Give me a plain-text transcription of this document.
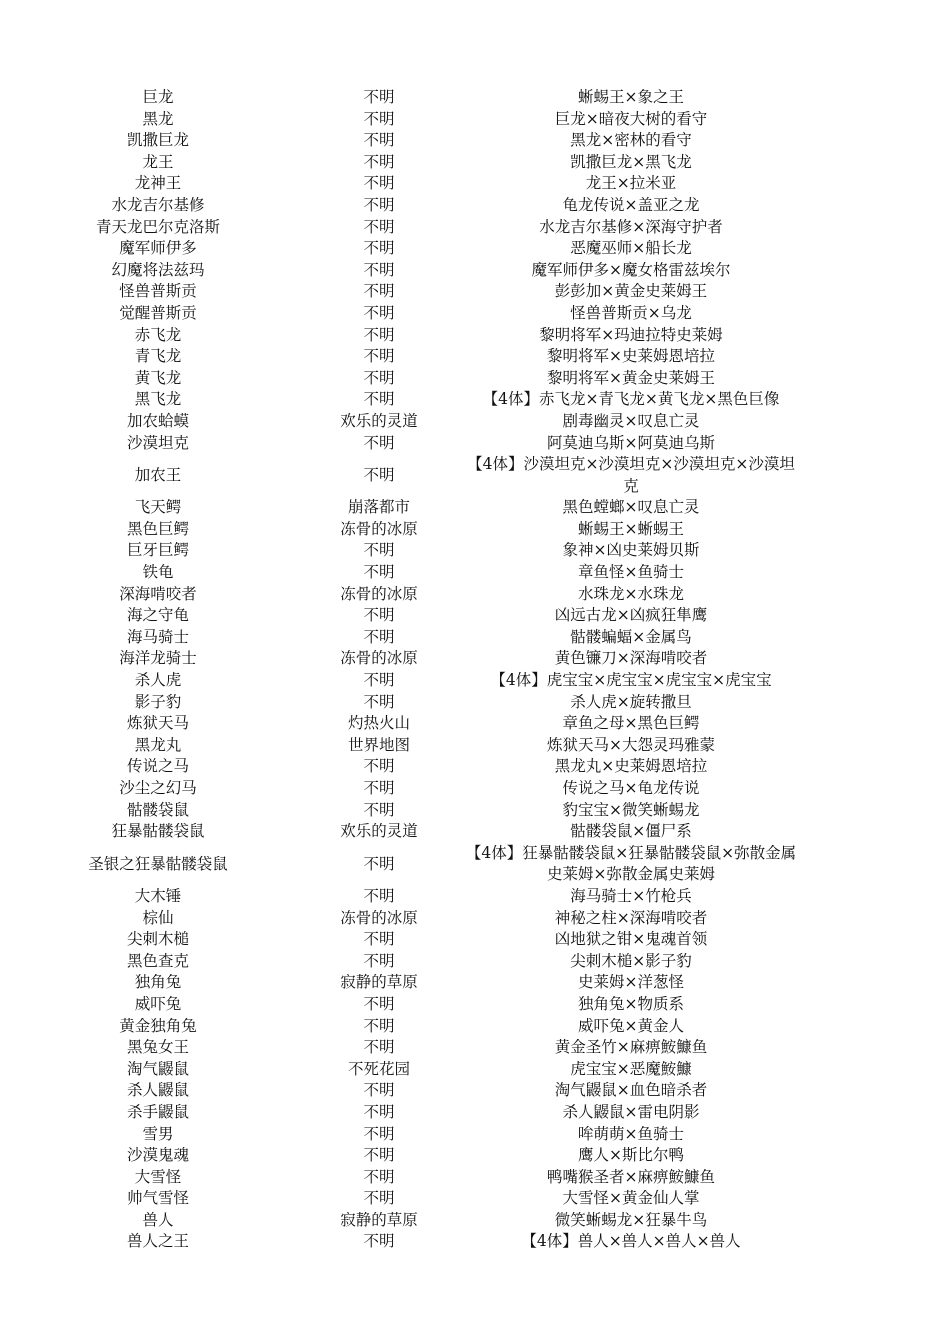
巨龙	不明	蜥蜴王×象之王
黑龙	不明	巨龙×暗夜大树的看守
凯撒巨龙	不明	黑龙×密林的看守
龙王	不明	凯撒巨龙×黑飞龙
龙神王	不明	龙王×拉米亚
水龙吉尔基修	不明	龟龙传说×盖亚之龙
青天龙巴尔克洛斯	不明	水龙吉尔基修×深海守护者
魔军师伊多	不明	恶魔巫师×船长龙
幻魔将法兹玛	不明	魔军师伊多×魔女格雷兹埃尔
怪兽普斯贡	不明	彭彭加×黄金史莱姆王
觉醒普斯贡	不明	怪兽普斯贡×乌龙
赤飞龙	不明	黎明将军×玛迪拉特史莱姆
青飞龙	不明	黎明将军×史莱姆恩培拉
黄飞龙	不明	黎明将军×黄金史莱姆王
黑飞龙	不明	【4体】赤飞龙×青飞龙×黄飞龙×黑色巨像
加农蛤蟆	欢乐的灵道	剧毒幽灵×叹息亡灵
沙漠坦克	不明	阿莫迪乌斯×阿莫迪乌斯
加农王	不明	【4体】沙漠坦克×沙漠坦克×沙漠坦克×沙漠坦克
飞天鳄	崩落都市	黑色螳螂×叹息亡灵
黑色巨鳄	冻骨的冰原	蜥蜴王×蜥蜴王
巨牙巨鳄	不明	象神×凶史莱姆贝斯
铁龟	不明	章鱼怪×鱼骑士
深海啃咬者	冻骨的冰原	水珠龙×水珠龙
海之守龟	不明	凶远古龙×凶疯狂隼鹰
海马骑士	不明	骷髅蝙蝠×金属鸟
海洋龙骑士	冻骨的冰原	黄色镰刀×深海啃咬者
杀人虎	不明	【4体】虎宝宝×虎宝宝×虎宝宝×虎宝宝
影子豹	不明	杀人虎×旋转撒旦
炼狱天马	灼热火山	章鱼之母×黑色巨鳄
黑龙丸	世界地图	炼狱天马×大怨灵玛雅蒙
传说之马	不明	黑龙丸×史莱姆恩培拉
沙尘之幻马	不明	传说之马×龟龙传说
骷髅袋鼠	不明	豹宝宝×微笑蜥蜴龙
狂暴骷髅袋鼠	欢乐的灵道	骷髅袋鼠×僵尸系
圣银之狂暴骷髅袋鼠	不明	【4体】狂暴骷髅袋鼠×狂暴骷髅袋鼠×弥散金属史莱姆×弥散金属史莱姆
大木锤	不明	海马骑士×竹枪兵
棕仙	冻骨的冰原	神秘之柱×深海啃咬者
尖刺木槌	不明	凶地狱之钳×鬼魂首领
黑色查克	不明	尖刺木槌×影子豹
独角兔	寂静的草原	史莱姆×洋葱怪
威吓兔	不明	独角兔×物质系
黄金独角兔	不明	威吓兔×黄金人
黑兔女王	不明	黄金圣竹×麻痹鮟鱇鱼
淘气鼹鼠	不死花园	虎宝宝×恶魔鮟鱇
杀人鼹鼠	不明	淘气鼹鼠×血色暗杀者
杀手鼹鼠	不明	杀人鼹鼠×雷电阴影
雪男	不明	哞萌萌×鱼骑士
沙漠鬼魂	不明	鹰人×斯比尔鸭
大雪怪	不明	鸭嘴猴圣者×麻痹鮟鱇鱼
帅气雪怪	不明	大雪怪×黄金仙人掌
兽人	寂静的草原	微笑蜥蜴龙×狂暴牛鸟
兽人之王	不明	【4体】兽人×兽人×兽人×兽人
